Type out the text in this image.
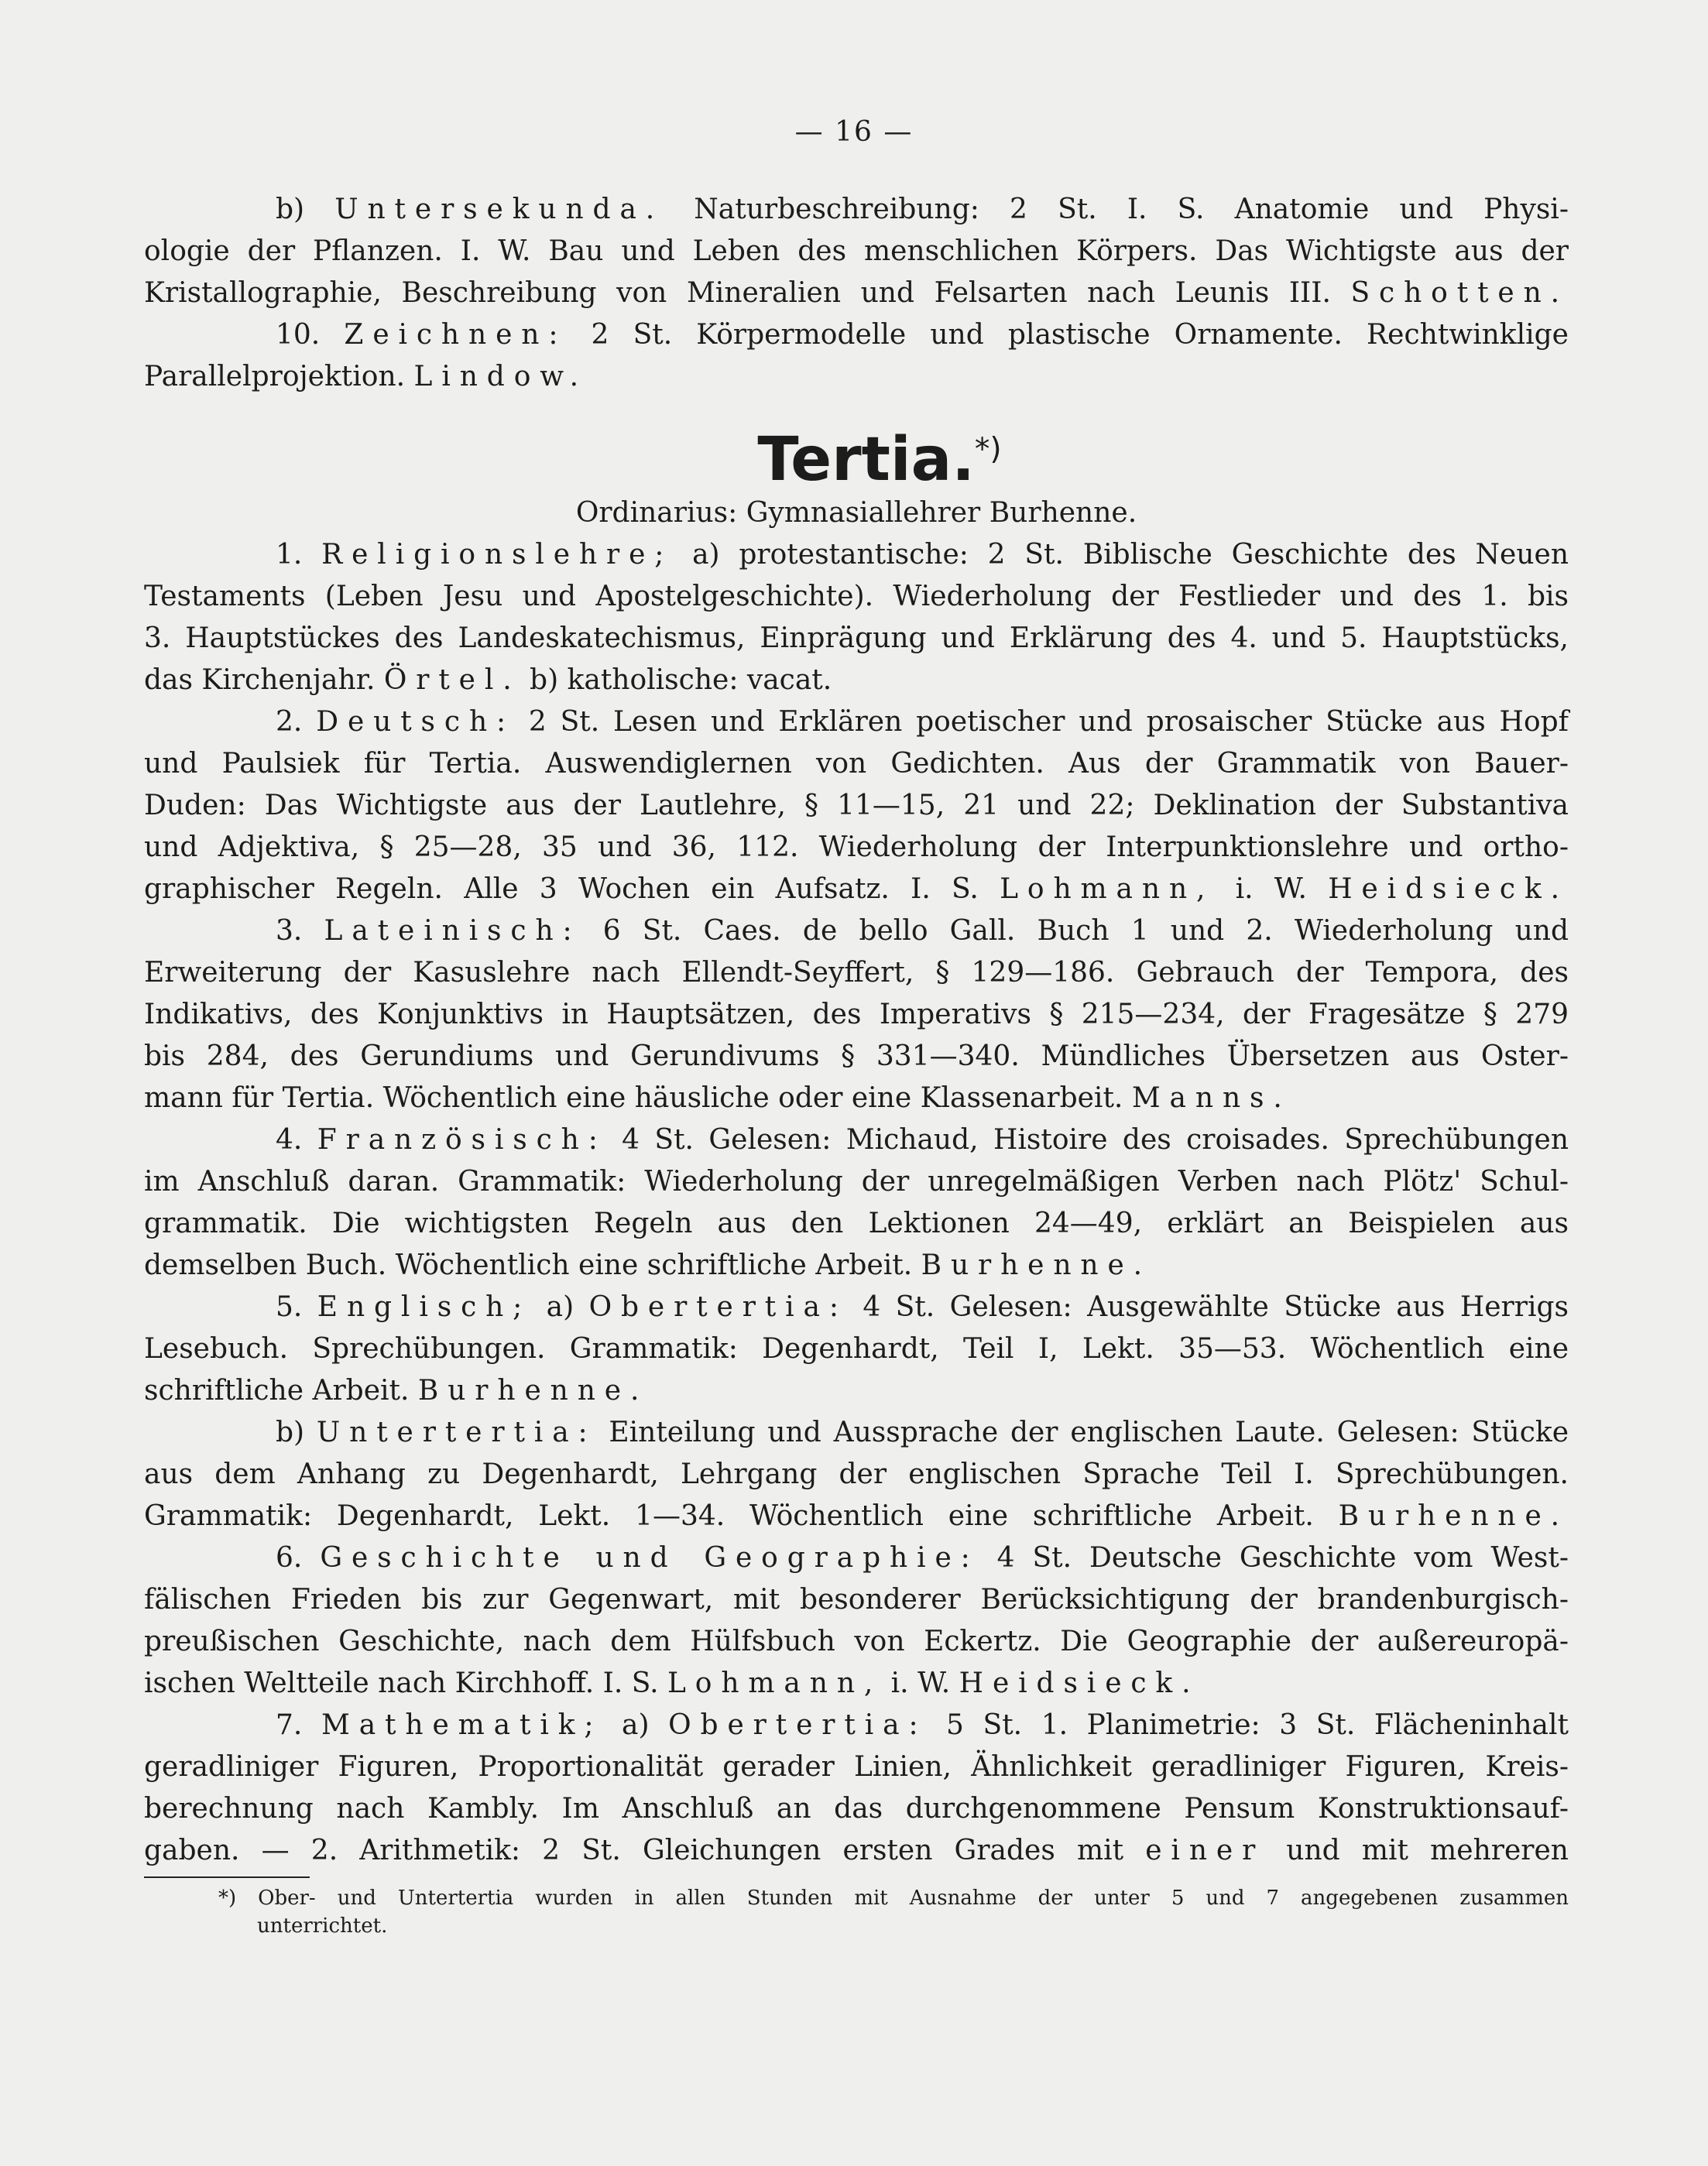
— 16 —
b) Untersekunda. Naturbeschreibung: 2 St. I. S. Anatomie und Physi-
ologie der Pflanzen. I. W. Bau und Leben des menschlichen Körpers. Das Wichtigste aus der
Kristallographie, Beschreibung von Mineralien und Felsarten nach Leunis III. Schotten.
10. Zeichnen: 2 St. Körpermodelle und plastische Ornamente. Rechtwinklige
Parallelprojektion. Lindow.
Tertia.*)
Ordinarius: Gymnasiallehrer Burhenne.
1. Religionslehre; a) protestantische: 2 St. Biblische Geschichte des Neuen
Testaments (Leben Jesu und Apostelgeschichte). Wiederholung der Festlieder und des 1. bis
3. Hauptstückes des Landeskatechismus, Einprägung und Erklärung des 4. und 5. Hauptstücks,
das Kirchenjahr. Örtel. b) katholische: vacat.
2. Deutsch: 2 St. Lesen und Erklären poetischer und prosaischer Stücke aus Hopf
und Paulsiek für Tertia. Auswendiglernen von Gedichten. Aus der Grammatik von Bauer-
Duden: Das Wichtigste aus der Lautlehre, § 11—15, 21 und 22; Deklination der Substantiva
und Adjektiva, § 25—28, 35 und 36, 112. Wiederholung der Interpunktionslehre und ortho-
graphischer Regeln. Alle 3 Wochen ein Aufsatz. I. S. Lohmann, i. W. Heidsieck.
3. Lateinisch: 6 St. Caes. de bello Gall. Buch 1 und 2. Wiederholung und
Erweiterung der Kasuslehre nach Ellendt-Seyffert, § 129—186. Gebrauch der Tempora, des
Indikativs, des Konjunktivs in Hauptsätzen, des Imperativs § 215—234, der Fragesätze § 279
bis 284, des Gerundiums und Gerundivums § 331—340. Mündliches Übersetzen aus Oster-
mann für Tertia. Wöchentlich eine häusliche oder eine Klassenarbeit. Manns.
4. Französisch: 4 St. Gelesen: Michaud, Histoire des croisades. Sprechübungen
im Anschluß daran. Grammatik: Wiederholung der unregelmäßigen Verben nach Plötz' Schul-
grammatik. Die wichtigsten Regeln aus den Lektionen 24—49, erklärt an Beispielen aus
demselben Buch. Wöchentlich eine schriftliche Arbeit. Burhenne.
5. Englisch; a) Obertertia: 4 St. Gelesen: Ausgewählte Stücke aus Herrigs
Lesebuch. Sprechübungen. Grammatik: Degenhardt, Teil I, Lekt. 35—53. Wöchentlich eine
schriftliche Arbeit. Burhenne.
b) Untertertia: Einteilung und Aussprache der englischen Laute. Gelesen: Stücke
aus dem Anhang zu Degenhardt, Lehrgang der englischen Sprache Teil I. Sprechübungen.
Grammatik: Degenhardt, Lekt. 1—34. Wöchentlich eine schriftliche Arbeit. Burhenne.
6. Geschichte und Geographie: 4 St. Deutsche Geschichte vom West-
fälischen Frieden bis zur Gegenwart, mit besonderer Berücksichtigung der brandenburgisch-
preußischen Geschichte, nach dem Hülfsbuch von Eckertz. Die Geographie der außereuropä-
ischen Weltteile nach Kirchhoff. I. S. Lohmann, i. W. Heidsieck.
7. Mathematik; a) Obertertia: 5 St. 1. Planimetrie: 3 St. Flächeninhalt
geradliniger Figuren, Proportionalität gerader Linien, Ähnlichkeit geradliniger Figuren, Kreis-
berechnung nach Kambly. Im Anschluß an das durchgenommene Pensum Konstruktionsauf-
gaben. — 2. Arithmetik: 2 St. Gleichungen ersten Grades mit einer und mit mehreren
*) Ober- und Untertertia wurden in allen Stunden mit Ausnahme der unter 5 und 7 angegebenen zusammen
unterrichtet.
